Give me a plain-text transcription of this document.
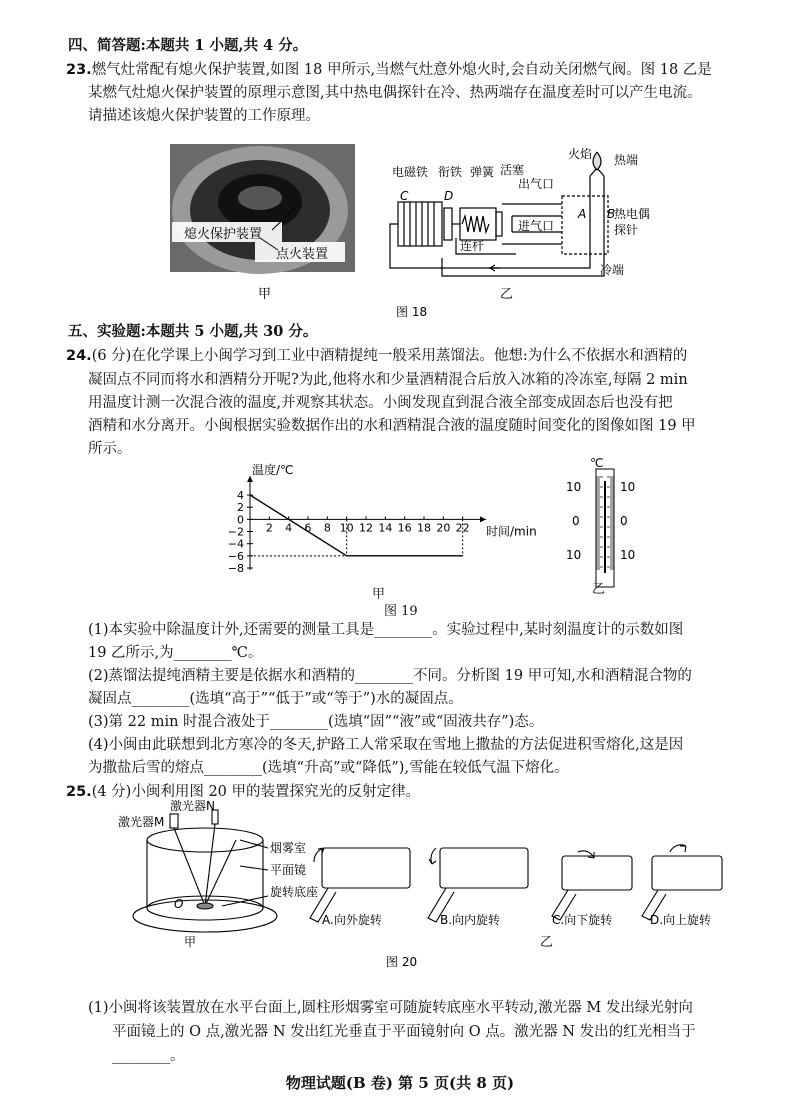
四、简答题:本题共 1 小题,共 4 分。
23.燃气灶常配有熄火保护装置,如图 18 甲所示,当燃气灶意外熄火时,会自动关闭燃气阀。图 18 乙是
某燃气灶熄火保护装置的原理示意图,其中热电偶探针在冷、热两端存在温度差时可以产生电流。
请描述该熄火保护装置的工作原理。
熄火保护装置
点火装置
甲
电磁铁 衔铁 弹簧 活塞
出气口
进气口
连杆
火焰 热端
热电偶
探针
冷端
C	D
A B
乙
图 18
五、实验题:本题共 5 小题,共 30 分。
24.(6 分)在化学课上小闽学习到工业中酒精提纯一般采用蒸馏法。他想:为什么不依据水和酒精的
凝固点不同而将水和酒精分开呢?为此,他将水和少量酒精混合后放入冰箱的冷冻室,每隔 2 min
用温度计测一次混合液的温度,并观察其状态。小闽发现直到混合液全部变成固态后也没有把
酒精和水分离开。小闽根据实验数据作出的水和酒精混合液的温度随时间变化的图像如图 19 甲
所示。
温度/℃
时间/min
4
2
0
−2
−4
−6
−8
2 4 6 8 10 12 14 16 18 20 22
甲
℃
10	10
0	0
10	10
乙
图 19
(1)本实验中除温度计外,还需要的测量工具是________。实验过程中,某时刻温度计的示数如图
19 乙所示,为________℃。
(2)蒸馏法提纯酒精主要是依据水和酒精的________不同。分析图 19 甲可知,水和酒精混合物的
凝固点________(选填“高于”“低于”或“等于”)水的凝固点。
(3)第 22 min 时混合液处于________(选填“固”“液”或“固液共存”)态。
(4)小闽由此联想到北方寒冷的冬天,护路工人常采取在雪地上撒盐的方法促进积雪熔化,这是因
为撒盐后雪的熔点________(选填“升高”或“降低”),雪能在较低气温下熔化。
25.(4 分)小闽利用图 20 甲的装置探究光的反射定律。
激光器N
激光器M
烟雾室
平面镜
旋转底座
O
甲
A.向外旋转	B.向内旋转	C.向下旋转	D.向上旋转
乙
图 20
(1)小闽将该装置放在水平台面上,圆柱形烟雾室可随旋转底座水平转动,激光器 M 发出绿光射向
平面镜上的 O 点,激光器 N 发出红光垂直于平面镜射向 O 点。激光器 N 发出的红光相当于
________。
物理试题(B 卷) 第 5 页(共 8 页)
